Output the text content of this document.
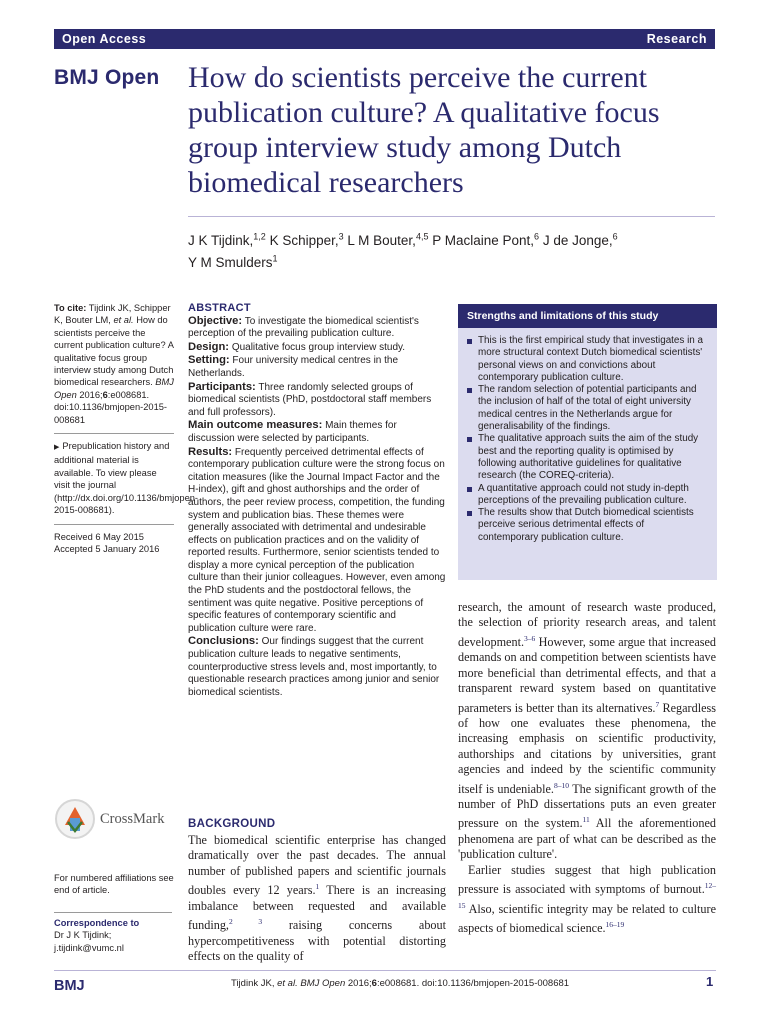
Open Access	Research
BMJ Open How do scientists perceive the current publication culture? A qualitative focus group interview study among Dutch biomedical researchers
J K Tijdink,$^{1,2}$ K Schipper,$^3$ L M Bouter,$^{4,5}$ P Maclaine Pont,$^6$ J de Jonge,$^6$
Y M Smulders$^1$

To cite: Tijdink JK, Schipper K, Bouter LM, et al. How do scientists perceive the current publication culture? A qualitative focus group interview study among Dutch biomedical researchers. BMJ Open 2016;6:e008681. doi:10.1136/bmjopen-2015-008681

▶ Prepublication history and additional material is available. To view please visit the journal (http://dx.doi.org/10.1136/bmjopen-2015-008681).

Received 6 May 2015

Accepted 5 January 2016

CrossMark
For numbered affiliations see end of article.
Correspondence to
Dr J K Tijdink; j.tijdink@vumc.nl
ABSTRACT

Objective: To investigate the biomedical scientist's perception of the prevailing publication culture.

Design: Qualitative focus group interview study.

Setting: Four university medical centres in the Netherlands.

Participants: Three randomly selected groups of biomedical scientists (PhD, postdoctoral staff members and full professors).

Main outcome measures: Main themes for discussion were selected by participants.

Results: Frequently perceived detrimental effects of contemporary publication culture were the strong focus on citation measures (like the Journal Impact Factor and the H-index), gift and ghost authorships and the order of authors, the peer review process, competition, the funding system and publication bias. These themes were generally associated with detrimental and undesirable effects on publication practices and on the validity of reported results. Furthermore, senior scientists tended to display a more cynical perception of the publication culture than their junior colleagues. However, even among the PhD students and the postdoctoral fellows, the sentiment was quite negative. Positive perceptions of specific features of contemporary scientific and publication culture were rare.

Conclusions: Our findings suggest that the current publication culture leads to negative sentiments, counterproductive stress levels and, most importantly, to questionable research practices among junior and senior biomedical scientists.

Strengths and limitations of this study
This is the first empirical study that investigates in a more structural context Dutch biomedical scientists' personal views on and convictions about contemporary publication culture.
The random selection of potential participants and the inclusion of half of the total of eight university medical centres in the Netherlands argue for generalisability of the findings.
The qualitative approach suits the aim of the study best and the reporting quality is optimised by following authoritative guidelines for qualitative research (the COREQ-criteria).
A quantitative approach could not study in-depth perceptions of the prevailing publication culture.
The results show that Dutch biomedical scientists perceive serious detrimental effects of contemporary publication culture.
BACKGROUND

The biomedical scientific enterprise has changed dramatically over the past decades. The annual number of published papers and scientific journals doubles every 12 years.$^1$ There is an increasing imbalance between requested and available funding,$^{2 3}$ raising concerns about hypercompetitiveness with potential distorting effects on the quality of

research, the amount of research waste produced, the selection of priority research areas, and talent development.$^{3-6}$ However, some argue that increased demands on and competition between scientists have more beneficial than detrimental effects, and that a transparent reward system based on quantitative parameters is better than its alternatives.$^7$ Regardless of how one evaluates these phenomena, the increasing emphasis on scientific productivity, authorships and citations by universities, grant agencies and indeed by the scientific community itself is undeniable.$^{8-10}$ The significant growth of the number of PhD dissertations puts an even greater pressure on the system.$^{11}$ All the aforementioned phenomena are part of what can be described as the 'publication culture'.

Earlier studies suggest that high publication pressure is associated with symptoms of burnout.$^{12-15}$ Also, scientific integrity may be related to culture aspects of biomedical science.$^{16-19}$

BMJ	Tijdink JK, et al. BMJ Open 2016;6:e008681. doi:10.1136/bmjopen-2015-008681	1
